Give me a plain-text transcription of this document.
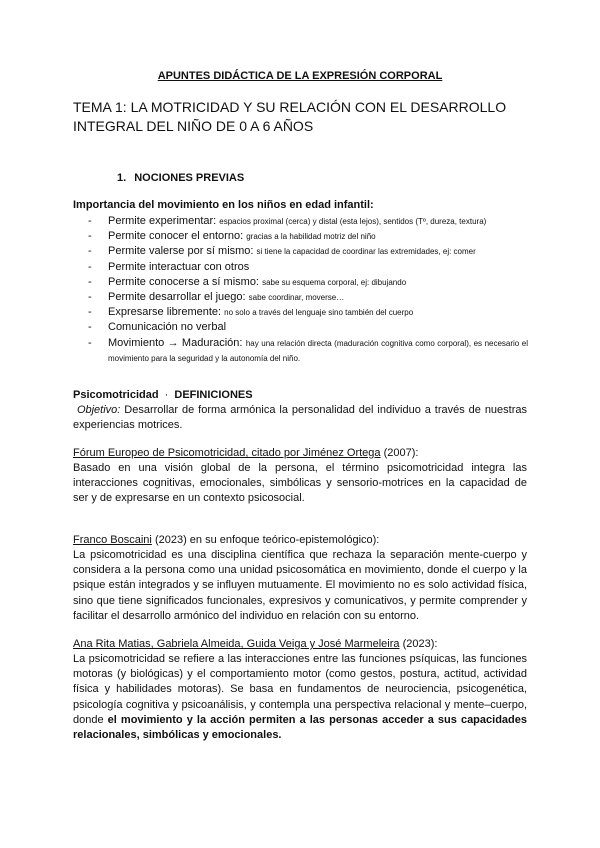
APUNTES DIDÁCTICA DE LA EXPRESIÓN CORPORAL
TEMA 1: LA MOTRICIDAD Y SU RELACIÓN CON EL DESARROLLO INTEGRAL DEL NIÑO DE 0 A 6 AÑOS
1. NOCIONES PREVIAS
Importancia del movimiento en los niños en edad infantil:
- Permite experimentar: espacios proximal (cerca) y distal (esta lejos), sentidos (Tº, dureza, textura)
- Permite conocer el entorno: gracias a la habilidad motriz del niño
- Permite valerse por sí mismo: si tiene la capacidad de coordinar las extremidades, ej: comer
- Permite interactuar con otros
- Permite conocerse a sí mismo: sabe su esquema corporal, ej: dibujando
- Permite desarrollar el juego: sabe coordinar, moverse…
- Expresarse libremente: no solo a través del lenguaje sino también del cuerpo
- Comunicación no verbal
- Movimiento → Maduración: hay una relación directa (maduración cognitiva como corporal), es necesario el movimiento para la seguridad y la autonomía del niño.
Psicomotricidad · DEFINICIONES
Objetivo: Desarrollar de forma armónica la personalidad del individuo a través de nuestras experiencias motrices.
Fórum Europeo de Psicomotricidad, citado por Jiménez Ortega (2007):
Basado en una visión global de la persona, el término psicomotricidad integra las interacciones cognitivas, emocionales, simbólicas y sensorio-motrices en la capacidad de ser y de expresarse en un contexto psicosocial.
Franco Boscaini (2023) en su enfoque teórico-epistemológico):
La psicomotricidad es una disciplina científica que rechaza la separación mente-cuerpo y considera a la persona como una unidad psicosomática en movimiento, donde el cuerpo y la psique están integrados y se influyen mutuamente. El movimiento no es solo actividad física, sino que tiene significados funcionales, expresivos y comunicativos, y permite comprender y facilitar el desarrollo armónico del individuo en relación con su entorno.
Ana Rita Matias, Gabriela Almeida, Guida Veiga y José Marmeleira (2023):
La psicomotricidad se refiere a las interacciones entre las funciones psíquicas, las funciones motoras (y biológicas) y el comportamiento motor (como gestos, postura, actitud, actividad física y habilidades motoras). Se basa en fundamentos de neurociencia, psicogenética, psicología cognitiva y psicoanálisis, y contempla una perspectiva relacional y mente–cuerpo, donde el movimiento y la acción permiten a las personas acceder a sus capacidades relacionales, simbólicas y emocionales.
